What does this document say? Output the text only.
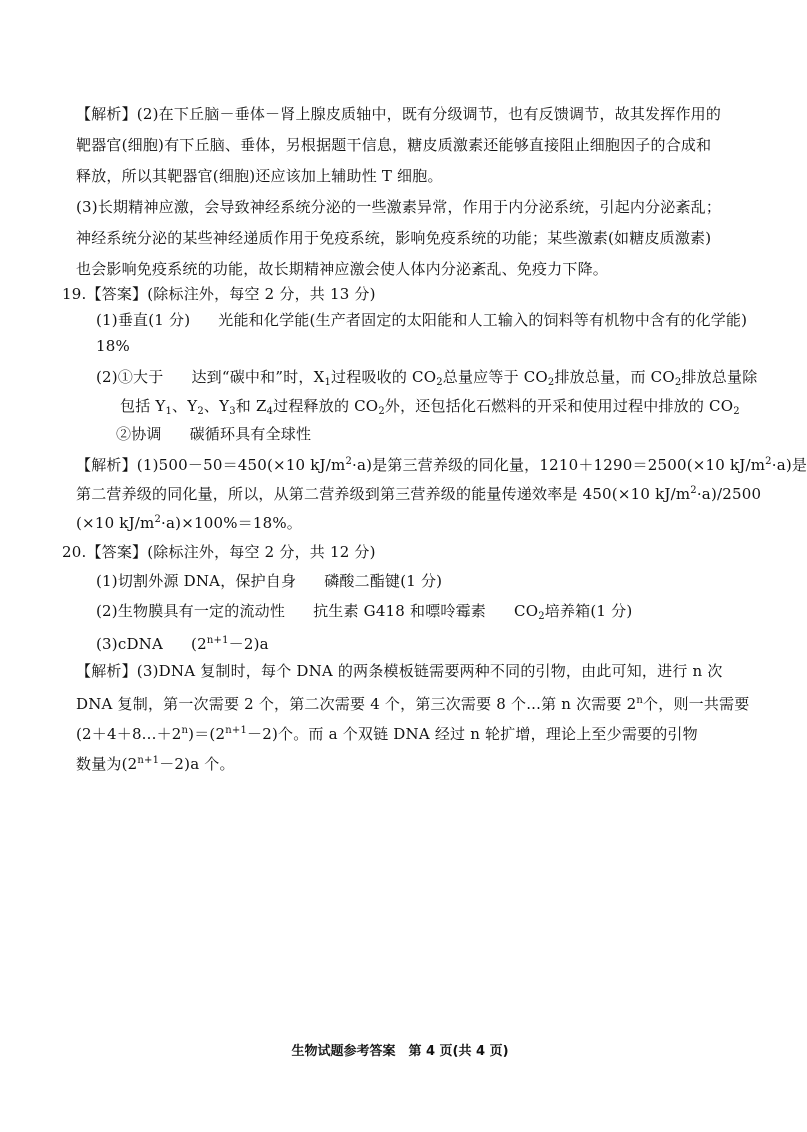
【解析】(2)在下丘脑－垂体－肾上腺皮质轴中，既有分级调节，也有反馈调节，故其发挥作用的
靶器官(细胞)有下丘脑、垂体，另根据题干信息，糖皮质激素还能够直接阻止细胞因子的合成和
释放，所以其靶器官(细胞)还应该加上辅助性 T 细胞。
(3)长期精神应激，会导致神经系统分泌的一些激素异常，作用于内分泌系统，引起内分泌紊乱；
神经系统分泌的某些神经递质作用于免疫系统，影响免疫系统的功能；某些激素(如糖皮质激素)
也会影响免疫系统的功能，故长期精神应激会使人体内分泌紊乱、免疫力下降。
19.【答案】(除标注外，每空 2 分，共 13 分)
(1)垂直(1 分) 光能和化学能(生产者固定的太阳能和人工输入的饲料等有机物中含有的化学能)
18%
(2)①大于 达到“碳中和”时，$X_1$过程吸收的 $CO_2$总量应等于 $CO_2$排放总量，而 $CO_2$排放总量除
包括 $Y_1$、$Y_2$、$Y_3$和 $Z_4$过程释放的 $CO_2$外，还包括化石燃料的开采和使用过程中排放的 $CO_2$
②协调 碳循环具有全球性
【解析】(1)500－50＝450(×10 $kJ/m^2\cdot a$)是第三营养级的同化量，1210＋1290＝2500(×10 $kJ/m^2\cdot a$)是
第二营养级的同化量，所以，从第二营养级到第三营养级的能量传递效率是 450(×10 $kJ/m^2\cdot a)/2500$
(×10 $kJ/m^2\cdot a)\times 100\%=18\%$。
20.【答案】(除标注外，每空 2 分，共 12 分)
(1)切割外源 DNA，保护自身 磷酸二酯键(1 分)
(2)生物膜具有一定的流动性 抗生素 G418 和嘌呤霉素 $CO_2$培养箱(1 分)
(3)cDNA $(2^{n+1}-2)a$
【解析】(3)DNA 复制时，每个 DNA 的两条模板链需要两种不同的引物，由此可知，进行 n 次
DNA 复制，第一次需要 2 个，第二次需要 4 个，第三次需要 8 个...第 n 次需要 2$^n$个，则一共需要
$(2+4+8...+2^n)=(2^{n+1}-2)$个。而 a 个双链 DNA 经过 n 轮扩增，理论上至少需要的引物
数量为$(2^{n+1}-2)a$ 个。
生物试题参考答案　第 4 页(共 4 页)
